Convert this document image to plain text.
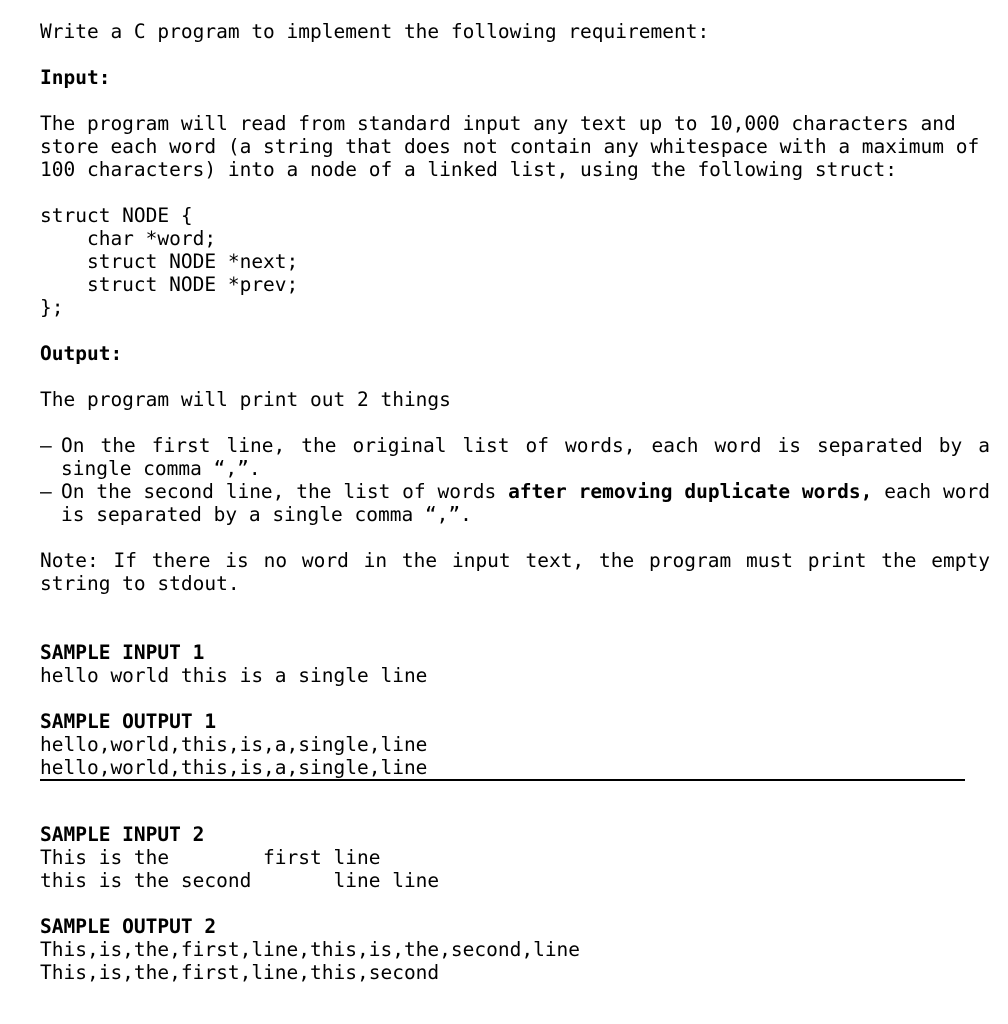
Write a C program to implement the following requirement:
Input:
The program will read from standard input any text up to 10,000 characters and
store each word (a string that does not contain any whitespace with a maximum of
100 characters) into a node of a linked list, using the following struct:
struct NODE {
char *word;
struct NODE *next;
struct NODE *prev;
};
Output:
The program will print out 2 things
– On the first line, the original list of words, each word is separated by a single comma “,”.
– On the second line, the list of words after removing duplicate words, each word is separated by a single comma “,”.
Note: If there is no word in the input text, the program must print the empty string to stdout.
SAMPLE INPUT 1
hello world this is a single line
SAMPLE OUTPUT 1
hello,world,this,is,a,single,line
hello,world,this,is,a,single,line
SAMPLE INPUT 2
This is the        first line
this is the second       line line
SAMPLE OUTPUT 2
This,is,the,first,line,this,is,the,second,line
This,is,the,first,line,this,second
